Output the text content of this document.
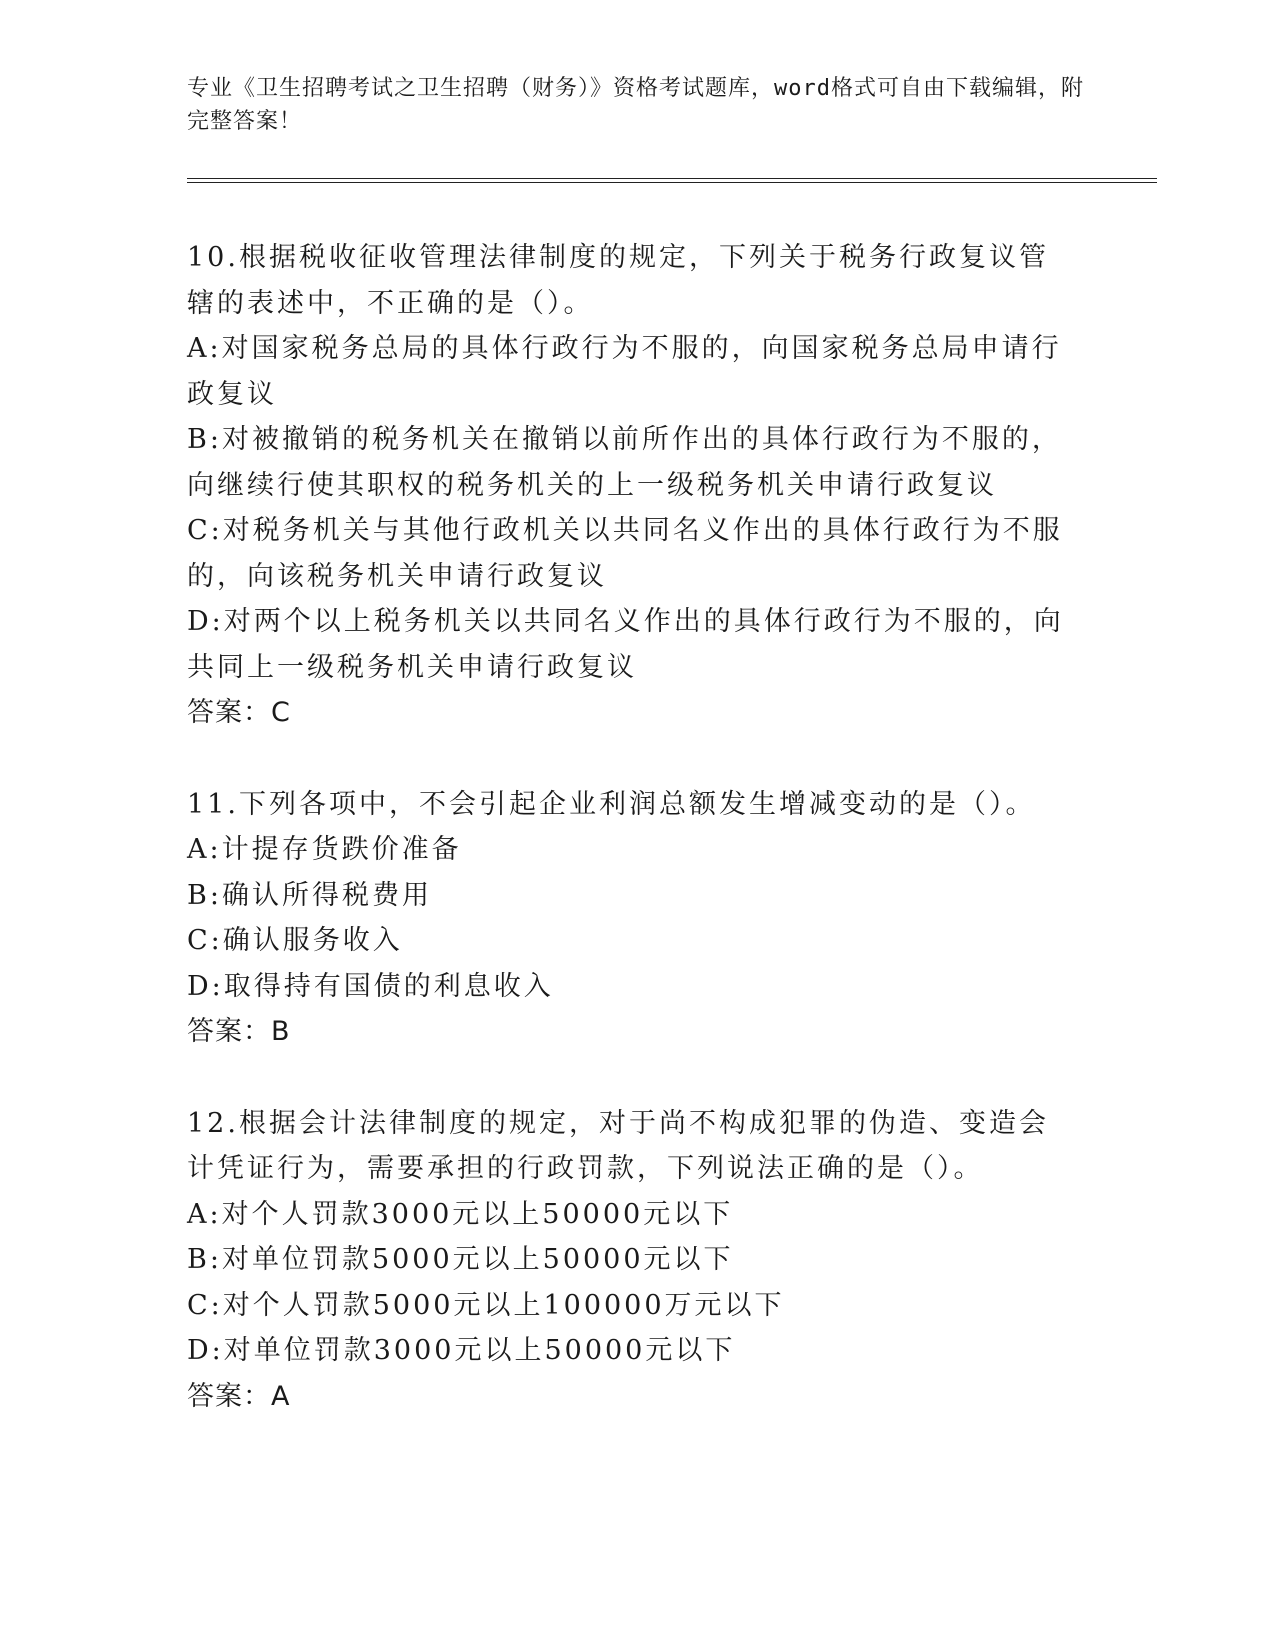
专业《卫生招聘考试之卫生招聘（财务）》资格考试题库，word格式可自由下载编辑，附完整答案！
10.根据税收征收管理法律制度的规定，下列关于税务行政复议管辖的表述中，不正确的是（）。
A:对国家税务总局的具体行政行为不服的，向国家税务总局申请行政复议
B:对被撤销的税务机关在撤销以前所作出的具体行政行为不服的，向继续行使其职权的税务机关的上一级税务机关申请行政复议
C:对税务机关与其他行政机关以共同名义作出的具体行政行为不服的，向该税务机关申请行政复议
D:对两个以上税务机关以共同名义作出的具体行政行为不服的，向共同上一级税务机关申请行政复议
答案：C
11.下列各项中，不会引起企业利润总额发生增减变动的是（）。
A:计提存货跌价准备
B:确认所得税费用
C:确认服务收入
D:取得持有国债的利息收入
答案：B
12.根据会计法律制度的规定，对于尚不构成犯罪的伪造、变造会计凭证行为，需要承担的行政罚款，下列说法正确的是（）。
A:对个人罚款3000元以上50000元以下
B:对单位罚款5000元以上50000元以下
C:对个人罚款5000元以上100000万元以下
D:对单位罚款3000元以上50000元以下
答案：A
